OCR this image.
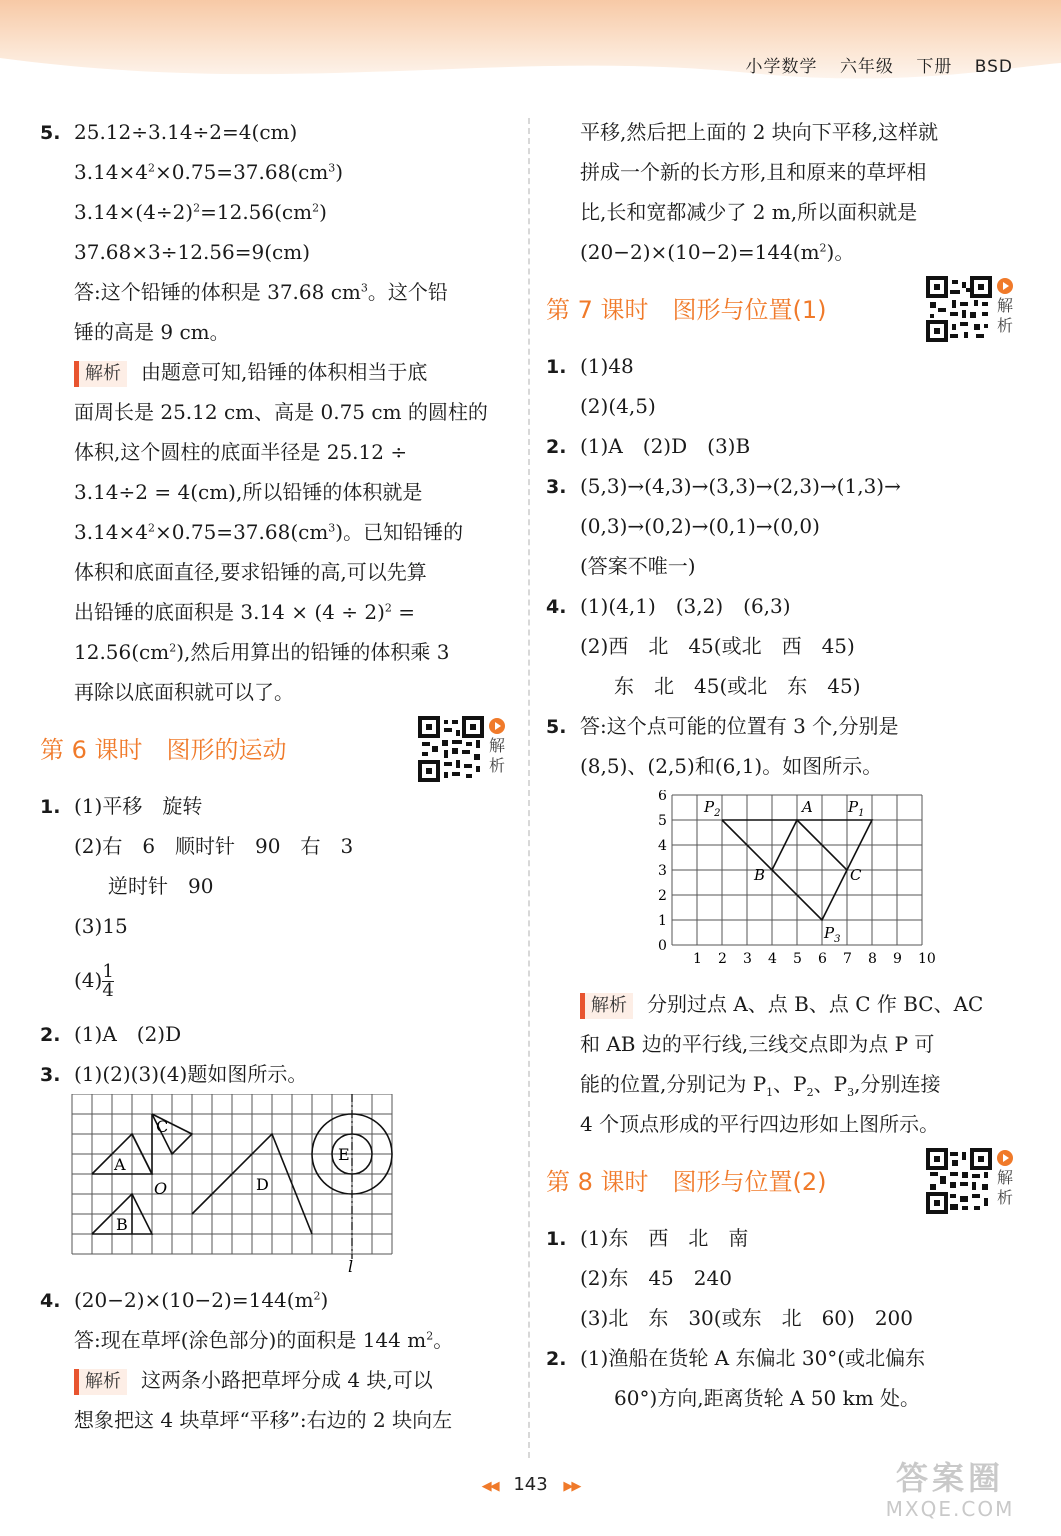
小学数学 六年级 下册 BSD
5. 25.12÷3.14÷2=4(cm)
$3.14\times 4^2\times 0.75=37.68(cm^3)$
$3.14\times(4\div 2)^2=12.56(cm^2)$
37.68×3÷12.56=9(cm)
答:这个铅锤的体积是 37.68 $cm^3$。这个铅
锤的高是 9 cm。
解析 由题意可知,铅锤的体积相当于底
面周长是 25.12 cm、高是 0.75 cm 的圆柱的
体积,这个圆柱的底面半径是 25.12 ÷
3.14÷2 = 4(cm),所以铅锤的体积就是
$3.14\times 4^2\times 0.75=37.68(cm^3)$。已知铅锤的
体积和底面直径,要求铅锤的高,可以先算
出铅锤的底面积是 $3.14 \times (4 \div 2)^2$ =
$12.56(cm^2)$,然后用算出的铅锤的体积乘 3
再除以底面积就可以了。
第 6 课时　图形的运动	解析
1. (1)平移　旋转
(2)右　6　顺时针　90　右　3
逆时针　90
(3)15
$(4) \frac{1}{4}$
2. (1)A　(2)D
3. (1)(2)(3)(4)题如图所示。
A
B
C
D
E
O
l
4. $(20-2)\times(10-2)=144(m^2)$
答:现在草坪(涂色部分)的面积是 144 $m^2$。
解析 这两条小路把草坪分成 4 块,可以
想象把这 4 块草坪“平移”:右边的 2 块向左
平移,然后把上面的 2 块向下平移,这样就
拼成一个新的长方形,且和原来的草坪相
比,长和宽都减少了 2 m,所以面积就是
$(20-2)\times(10-2)=144(m^2)$。
第 7 课时　图形与位置(1)	解析
1. (1)48
(2)(4,5)
2. (1)A　(2)D　(3)B
3. (5,3)→(4,3)→(3,3)→(2,3)→(1,3)→
(0,3)→(0,2)→(0,1)→(0,0)
(答案不唯一)
4. (1)(4,1)　(3,2)　(6,3)
(2)西　北　45(或北　西　45)
东　北　45(或北　东　45)
5. 答:这个点可能的位置有 3 个,分别是
(8,5)、(2,5)和(6,1)。如图所示。
0
1
2
3
4
5
6
1 2 3 4 5 6 7 8 9 10
$P_2$	$P_1$
$P_3$
A
B	C
解析 分别过点 A、点 B、点 C 作 BC、AC
和 AB 边的平行线,三线交点即为点 P 可
能的位置,分别记为 $P_1$、$P_2$、$P_3$,分别连接
4 个顶点形成的平行四边形如上图所示。
第 8 课时　图形与位置(2)	解析
1. (1)东　西　北　南
(2)东　45　240
(3)北　东　30(或东　北　60)　200
2. (1)渔船在货轮 A 东偏北 30°(或北偏东
60°)方向,距离货轮 A 50 km 处。
◀◀ 143 ▶▶	答案圈
MXQE.COM
